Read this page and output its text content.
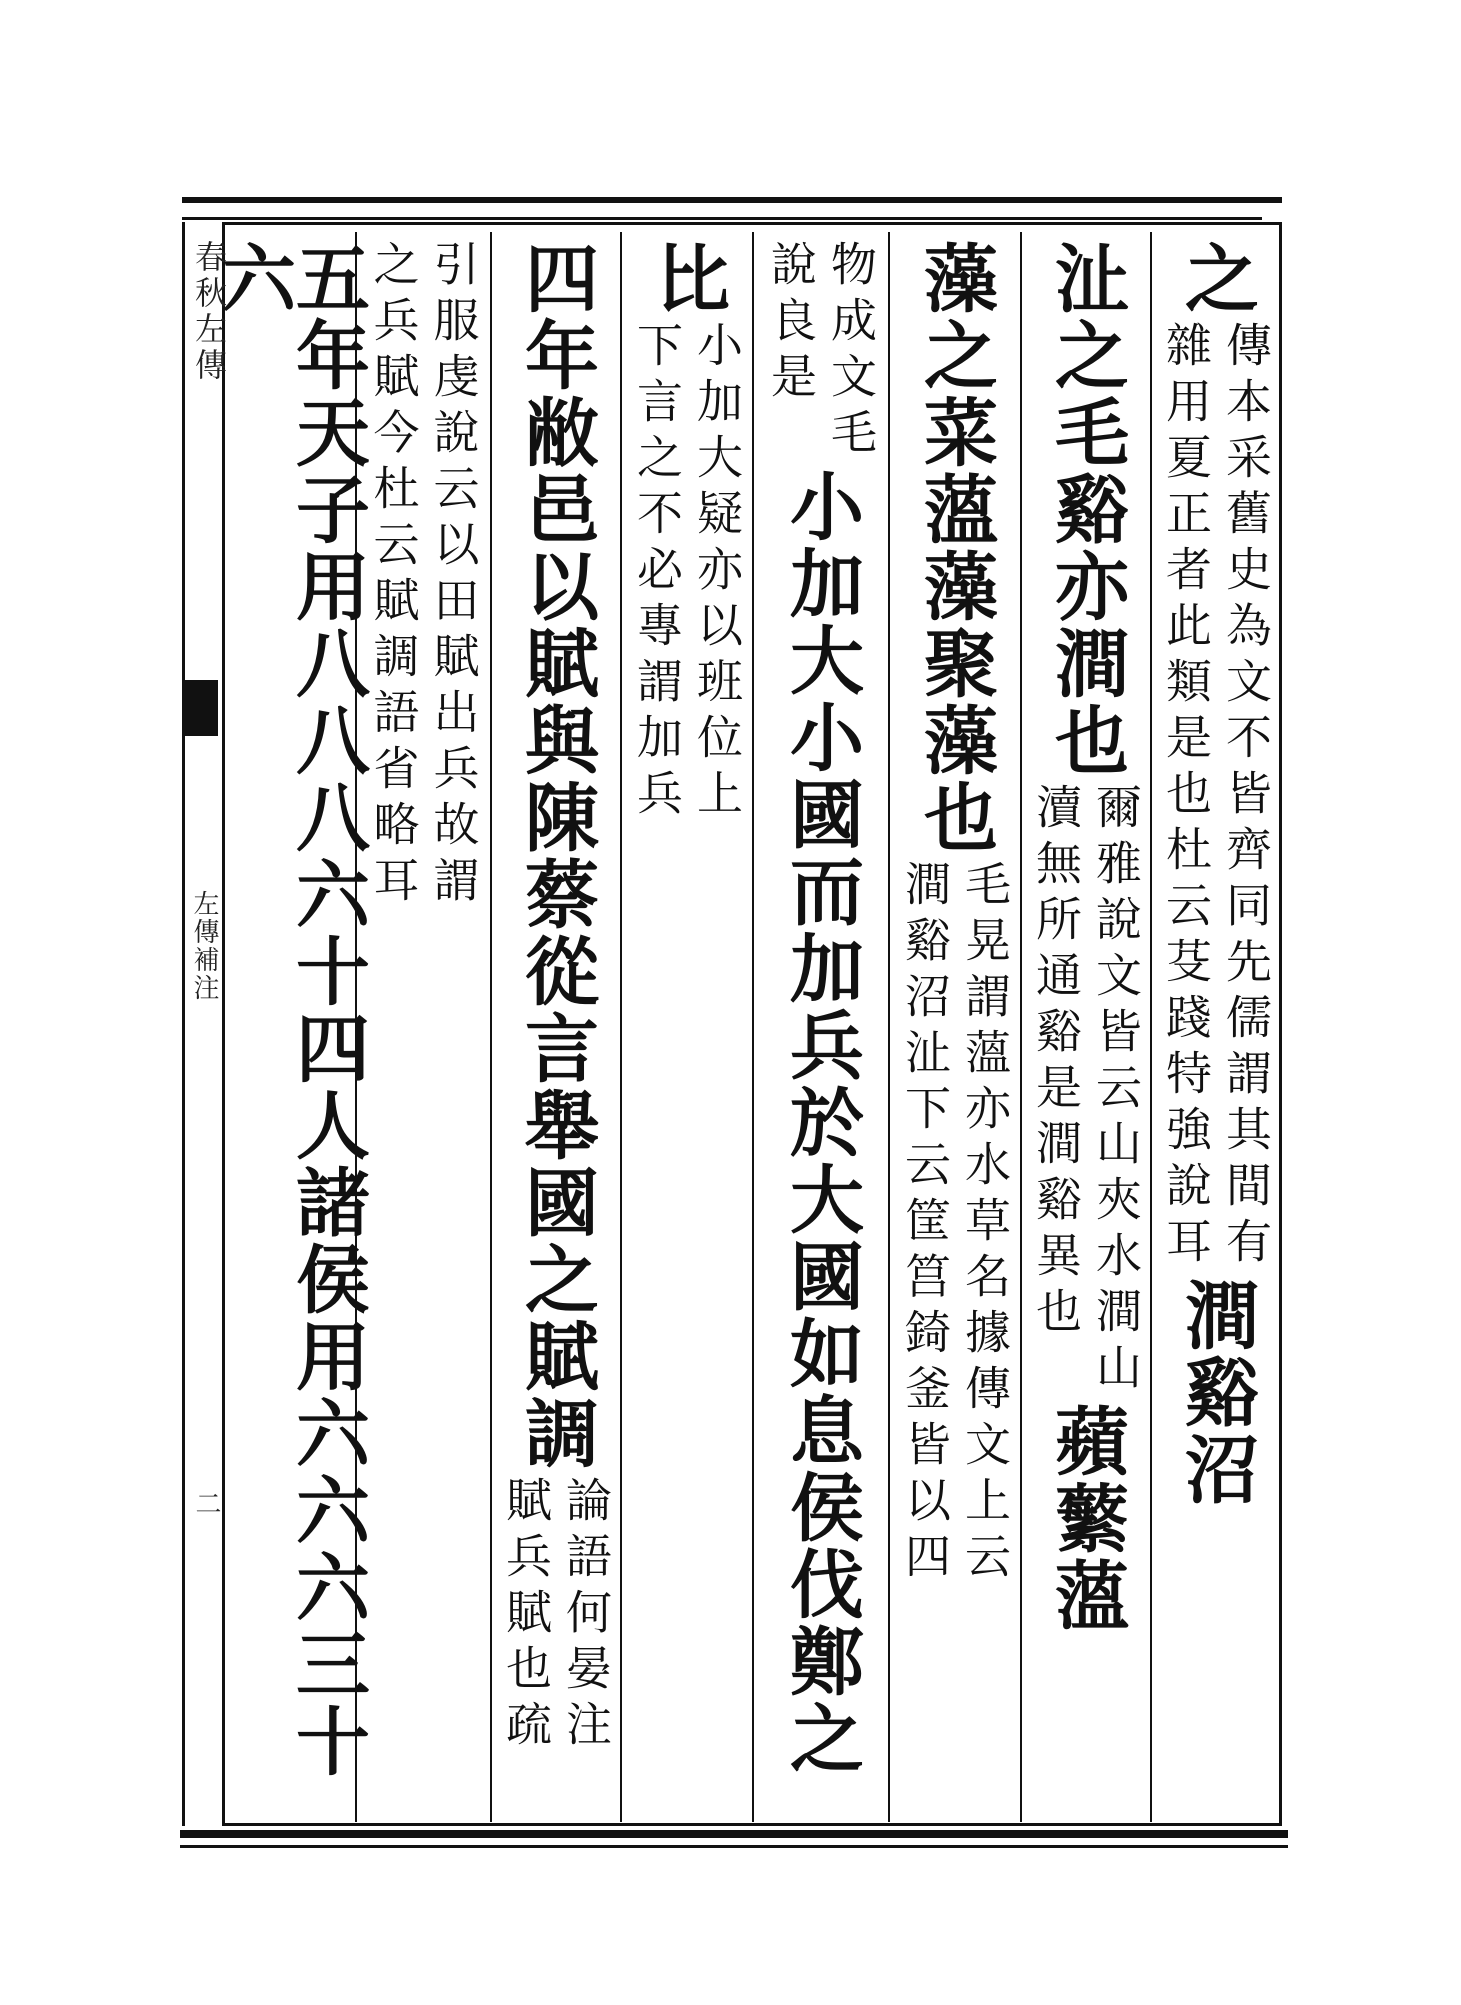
春秋左傳
左傳補注
二
之
傳本采舊史為文不皆齊同先儒謂其間有
雜用夏正者此類是也杜云芟踐特強說耳
澗谿沼
沚之毛谿亦澗也
爾雅說文皆云山夾水澗山
瀆無所通谿是澗谿異也
蘋蘩薀
藻之菜薀藻聚藻也
毛晃謂薀亦水草名據傳文上云
澗谿沼沚下云筐筥錡釜皆以四
物成文毛
說良是
小加大小國而加兵於大國如息侯伐鄭之
比
小加大疑亦以班位上
下言之不必專謂加兵
四年敝邑以賦與陳蔡從言舉國之賦調
論語何晏注
賦兵賦也疏
引服虔說云以田賦出兵故謂
之兵賦今杜云賦調語省略耳
五年天子用八八八六十四人諸侯用六六六三十六
